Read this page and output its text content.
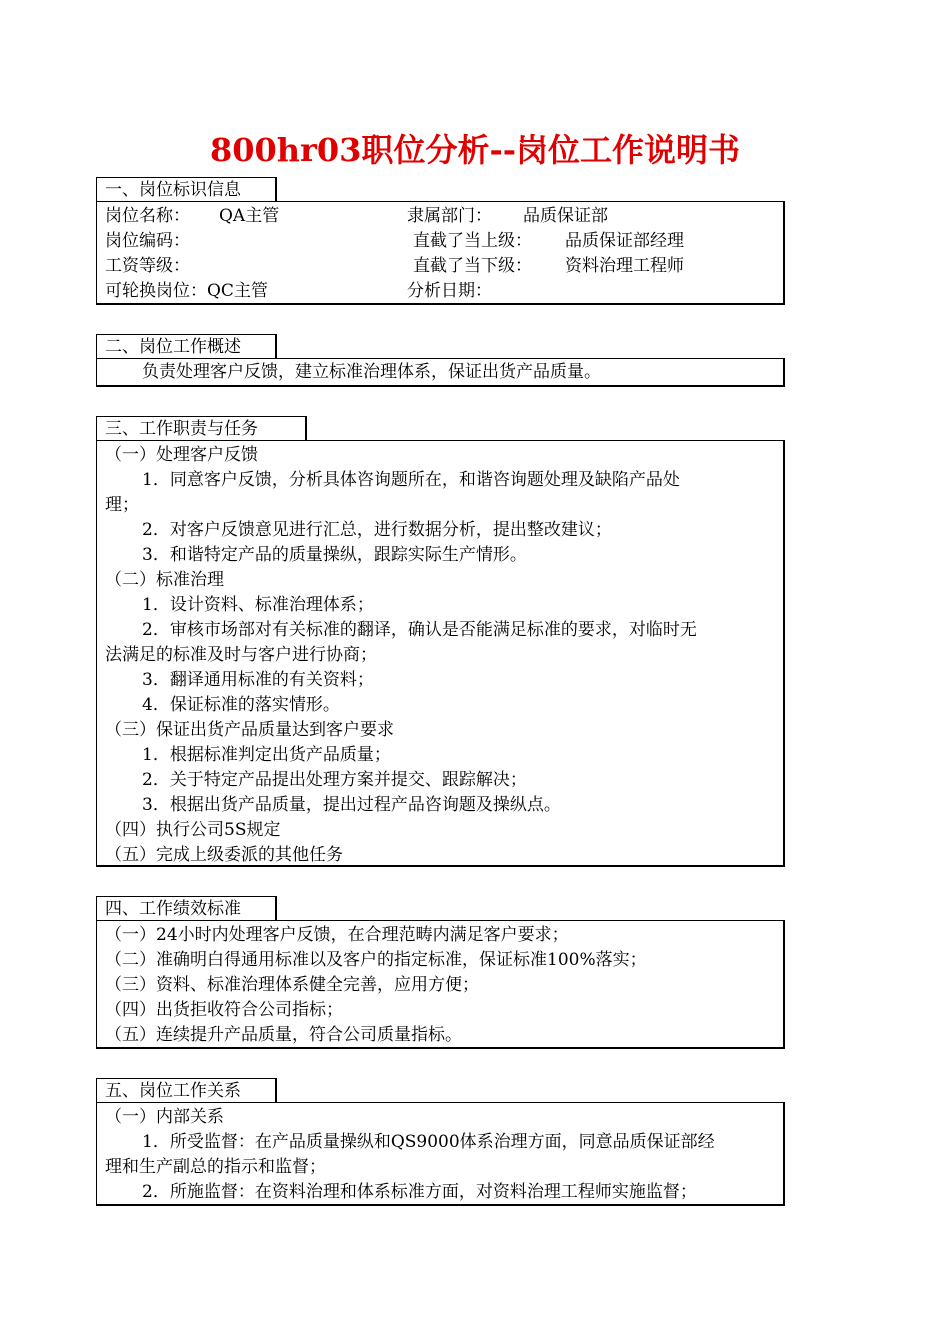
800hr03职位分析--岗位工作说明书
一、岗位标识信息
岗位名称： QA主管	隶属部门： 品质保证部
岗位编码：	直截了当上级： 品质保证部经理
工资等级：	直截了当下级： 资料治理工程师
可轮换岗位：QC主管	分析日期：
二、岗位工作概述
负责处理客户反馈，建立标准治理体系，保证出货产品质量。
三、工作职责与任务
（一）处理客户反馈
1．同意客户反馈，分析具体咨询题所在，和谐咨询题处理及缺陷产品处
理；
2．对客户反馈意见进行汇总，进行数据分析，提出整改建议；
3．和谐特定产品的质量操纵，跟踪实际生产情形。
（二）标准治理
1．设计资料、标准治理体系；
2．审核市场部对有关标准的翻译，确认是否能满足标准的要求，对临时无
法满足的标准及时与客户进行协商；
3．翻译通用标准的有关资料；
4．保证标准的落实情形。
（三）保证出货产品质量达到客户要求
1．根据标准判定出货产品质量；
2．关于特定产品提出处理方案并提交、跟踪解决；
3．根据出货产品质量，提出过程产品咨询题及操纵点。
（四）执行公司5S规定
（五）完成上级委派的其他任务
四、工作绩效标准
（一）24小时内处理客户反馈，在合理范畴内满足客户要求；
（二）准确明白得通用标准以及客户的指定标准，保证标准100%落实；
（三）资料、标准治理体系健全完善，应用方便；
（四）出货拒收符合公司指标；
（五）连续提升产品质量，符合公司质量指标。
五、岗位工作关系
（一）内部关系
1．所受监督：在产品质量操纵和QS9000体系治理方面，同意品质保证部经
理和生产副总的指示和监督；
2．所施监督：在资料治理和体系标准方面，对资料治理工程师实施监督；
